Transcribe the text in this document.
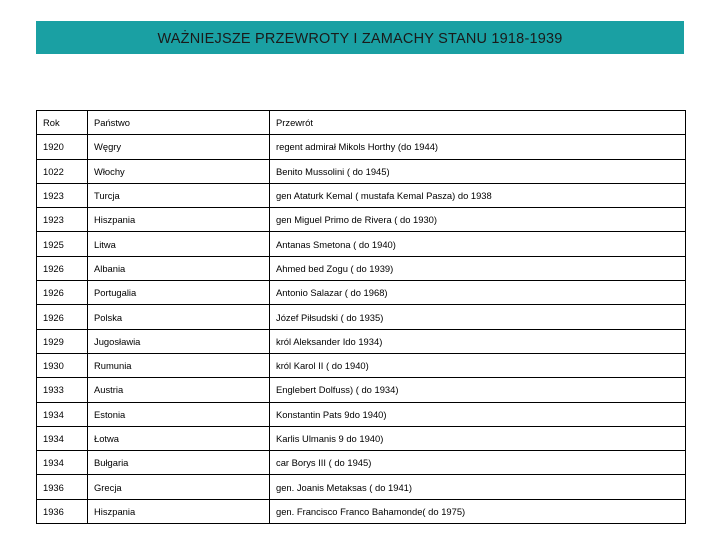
WAŻNIEJSZE PRZEWROTY I ZAMACHY STANU 1918-1939
Rok	Państwo	Przewrót
1920	Węgry	regent admirał Mikols Horthy (do 1944)
1022	Włochy	Benito Mussolini ( do 1945)
1923	Turcja	gen Ataturk Kemal ( mustafa Kemal Pasza) do 1938
1923	Hiszpania	gen Miguel Primo de Rivera ( do 1930)
1925	Litwa	Antanas Smetona ( do 1940)
1926	Albania	Ahmed bed Zogu ( do 1939)
1926	Portugalia	Antonio Salazar ( do 1968)
1926	Polska	Józef Piłsudski ( do 1935)
1929	Jugosławia	król Aleksander Ido 1934)
1930	Rumunia	król Karol II ( do 1940)
1933	Austria	Englebert Dolfuss) ( do 1934)
1934	Estonia	Konstantin Pats 9do 1940)
1934	Łotwa	Karlis Ulmanis 9 do 1940)
1934	Bułgaria	car Borys III ( do 1945)
1936	Grecja	gen. Joanis Metaksas ( do 1941)
1936	Hiszpania	gen. Francisco Franco Bahamonde( do 1975)
